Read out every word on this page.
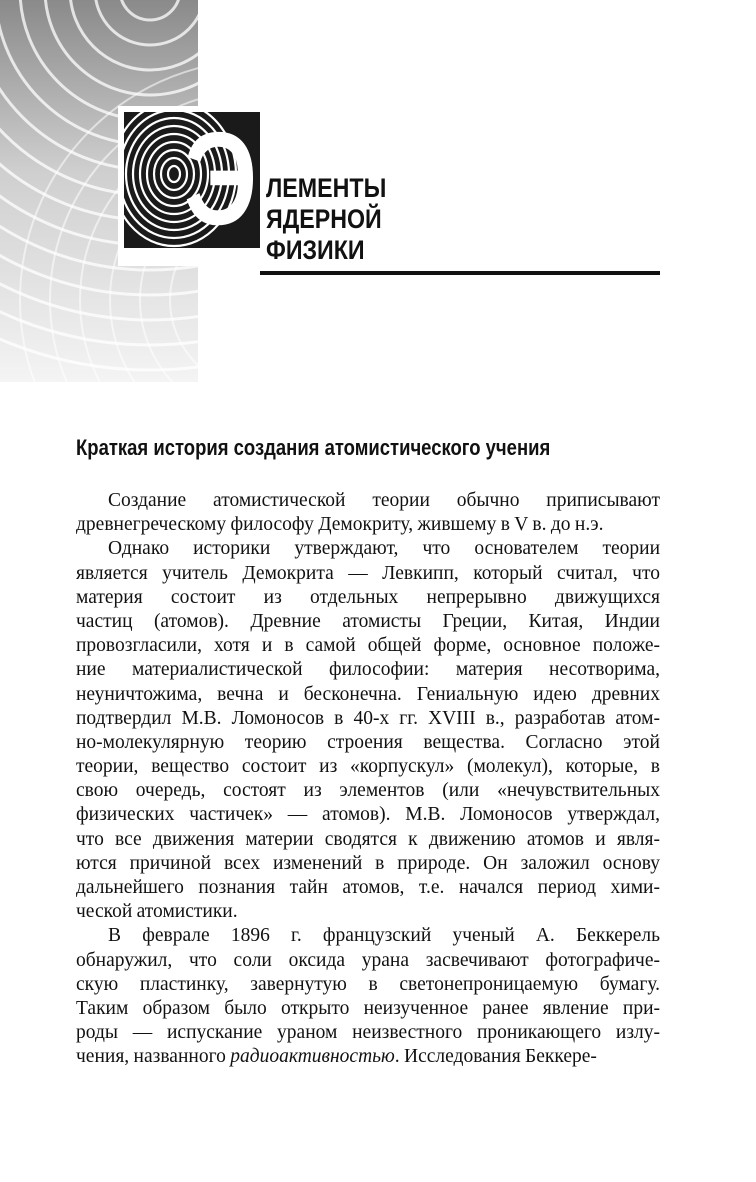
Э ЛЕМЕНТЫ
ЯДЕРНОЙ
ФИЗИКИ
Краткая история создания атомистического учения
Создание атомистической теории обычно приписывают
древнегреческому философу Демокриту, жившему в V в. до н.э.
Однако историки утверждают, что основателем теории
является учитель Демокрита — Левкипп, который считал, что
материя состоит из отдельных непрерывно движущихся
частиц (атомов). Древние атомисты Греции, Китая, Индии
провозгласили, хотя и в самой общей форме, основное положе-
ние материалистической философии: материя несотворима,
неуничтожима, вечна и бесконечна. Гениальную идею древних
подтвердил М.В. Ломоносов в 40-х гг. XVIII в., разработав атом-
но-молекулярную теорию строения вещества. Согласно этой
теории, вещество состоит из «корпускул» (молекул), которые, в
свою очередь, состоят из элементов (или «нечувствительных
физических частичек» — атомов). М.В. Ломоносов утверждал,
что все движения материи сводятся к движению атомов и явля-
ются причиной всех изменений в природе. Он заложил основу
дальнейшего познания тайн атомов, т.е. начался период хими-
ческой атомистики.
В феврале 1896 г. французский ученый А. Беккерель
обнаружил, что соли оксида урана засвечивают фотографиче-
скую пластинку, завернутую в светонепроницаемую бумагу.
Таким образом было открыто неизученное ранее явление при-
роды — испускание ураном неизвестного проникающего излу-
чения, названного радиоактивностью. Исследования Беккере-
